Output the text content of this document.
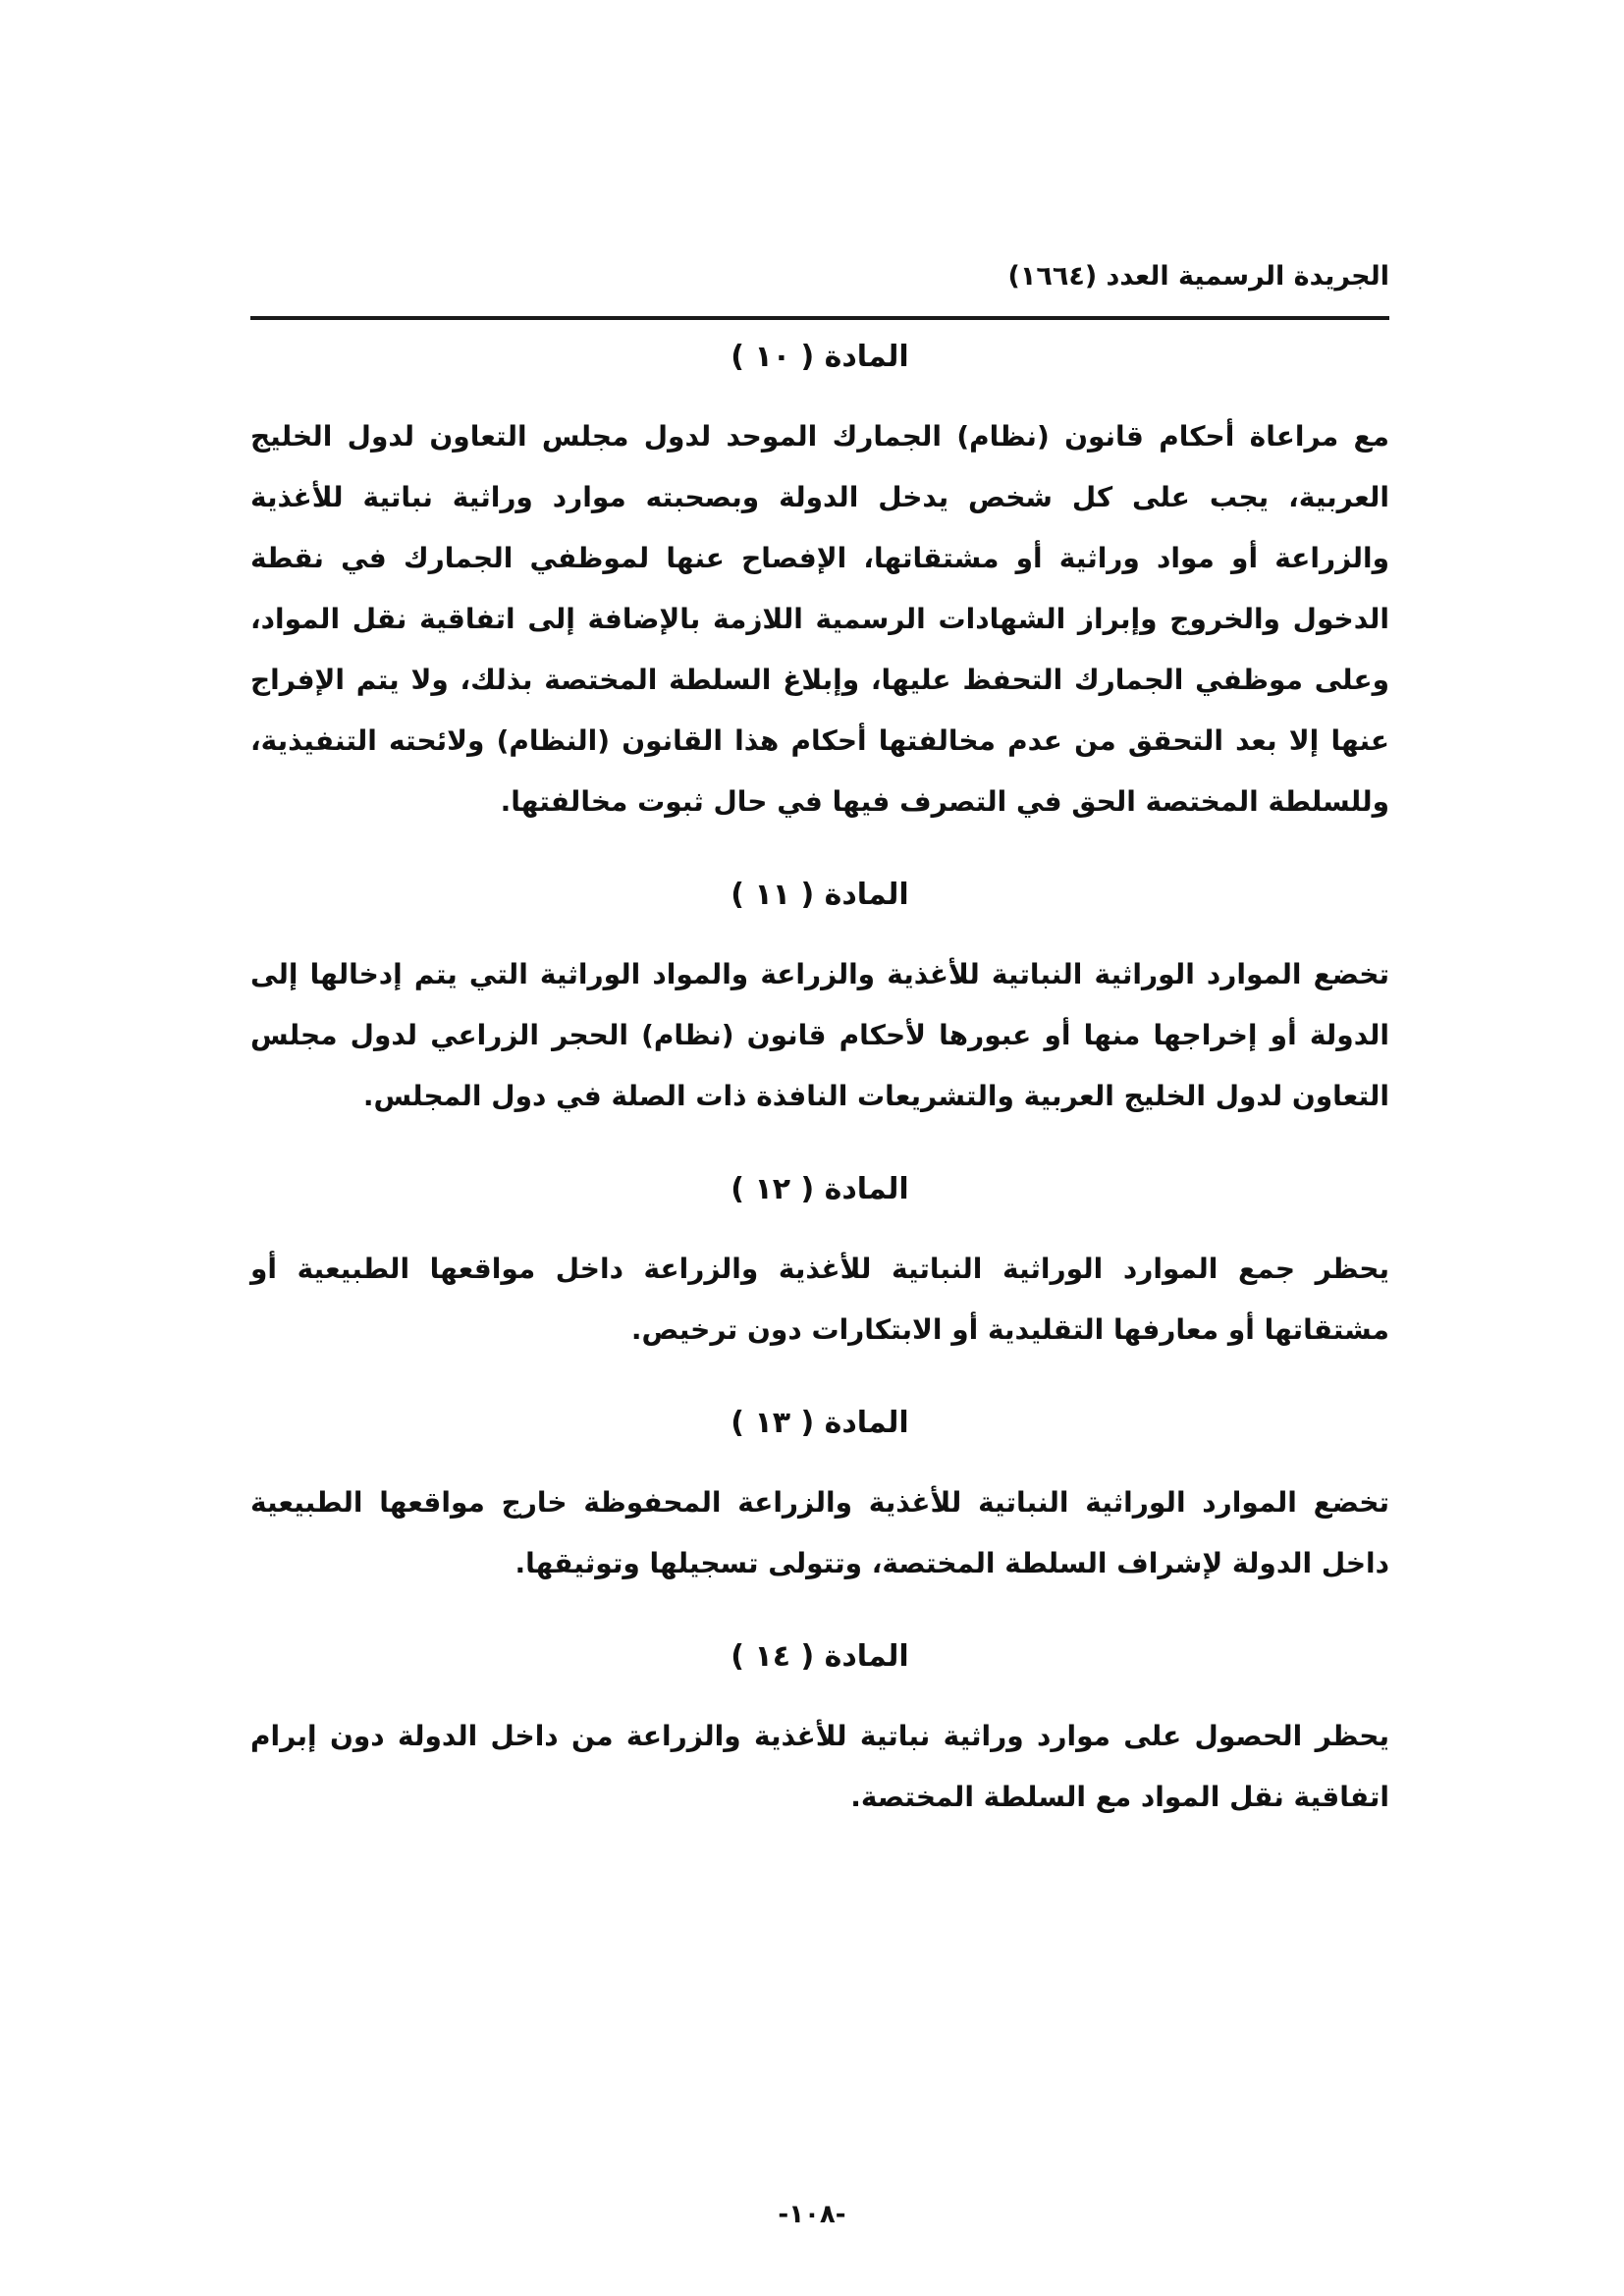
الجريدة الرسمية العدد (١٦٦٤)
المادة ( ١٠ )

مع مراعاة أحكام قانون (نظام) الجمارك الموحد لدول مجلس التعاون لدول الخليج العربية، يجب على كل شخص يدخل الدولة وبصحبته موارد وراثية نباتية للأغذية والزراعة أو مواد وراثية أو مشتقاتها، الإفصاح عنها لموظفي الجمارك في نقطة الدخول والخروج وإبراز الشهادات الرسمية اللازمة بالإضافة إلى اتفاقية نقل المواد، وعلى موظفي الجمارك التحفظ عليها، وإبلاغ السلطة المختصة بذلك، ولا يتم الإفراج عنها إلا بعد التحقق من عدم مخالفتها أحكام هذا القانون (النظام) ولائحته التنفيذية، وللسلطة المختصة الحق في التصرف فيها في حال ثبوت مخالفتها.

المادة ( ١١ )

تخضع الموارد الوراثية النباتية للأغذية والزراعة والمواد الوراثية التي يتم إدخالها إلى الدولة أو إخراجها منها أو عبورها لأحكام قانون (نظام) الحجر الزراعي لدول مجلس التعاون لدول الخليج العربية والتشريعات النافذة ذات الصلة في دول المجلس.

المادة ( ١٢ )

يحظر جمع الموارد الوراثية النباتية للأغذية والزراعة داخل مواقعها الطبيعية أو مشتقاتها أو معارفها التقليدية أو الابتكارات دون ترخيص.

المادة ( ١٣ )

تخضع الموارد الوراثية النباتية للأغذية والزراعة المحفوظة خارج مواقعها الطبيعية داخل الدولة لإشراف السلطة المختصة، وتتولى تسجيلها وتوثيقها.

المادة ( ١٤ )

يحظر الحصول على موارد وراثية نباتية للأغذية والزراعة من داخل الدولة دون إبرام اتفاقية نقل المواد مع السلطة المختصة.

-١٠٨-
